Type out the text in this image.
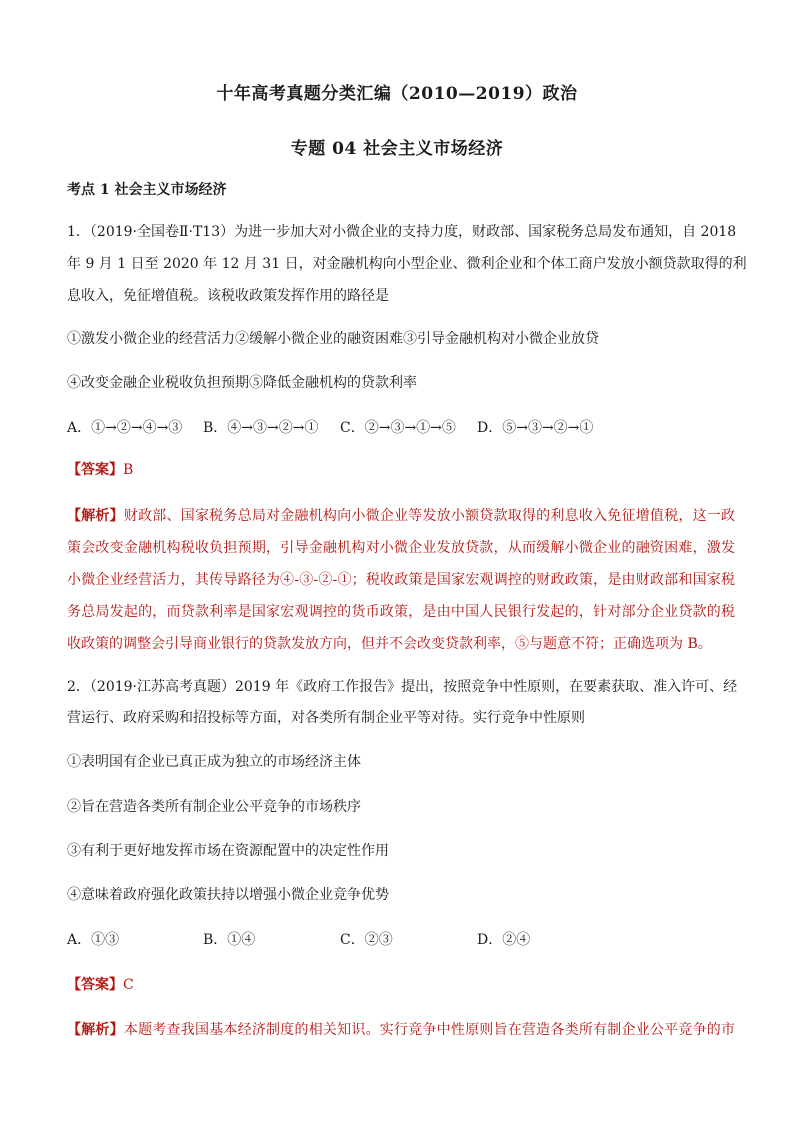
十年高考真题分类汇编（2010—2019）政治
专题 04 社会主义市场经济
考点 1 社会主义市场经济
1．（2019·全国卷Ⅱ·T13）为进一步加大对小微企业的支持力度，财政部、国家税务总局发布通知，自 2018
年 9 月 1 日至 2020 年 12 月 31 日，对金融机构向小型企业、微利企业和个体工商户发放小额贷款取得的利
息收入，免征增值税。该税收政策发挥作用的路径是
①激发小微企业的经营活力②缓解小微企业的融资困难③引导金融机构对小微企业放贷
④改变金融企业税收负担预期⑤降低金融机构的贷款利率
A．①→②→④→③ B．④→③→②→① C．②→③→①→⑤ D．⑤→③→②→①
【答案】B
【解析】财政部、国家税务总局对金融机构向小微企业等发放小额贷款取得的利息收入免征增值税，这一政
策会改变金融机构税收负担预期，引导金融机构对小微企业发放贷款，从而缓解小微企业的融资困难，激发
小微企业经营活力，其传导路径为④-③-②-①；税收政策是国家宏观调控的财政政策，是由财政部和国家税
务总局发起的，而贷款利率是国家宏观调控的货币政策，是由中国人民银行发起的，针对部分企业贷款的税
收政策的调整会引导商业银行的贷款发放方向，但并不会改变贷款利率，⑤与题意不符；正确选项为 B。
2．（2019·江苏高考真题）2019 年《政府工作报告》提出，按照竞争中性原则，在要素获取、准入许可、经
营运行、政府采购和招投标等方面，对各类所有制企业平等对待。实行竞争中性原则
①表明国有企业已真正成为独立的市场经济主体
②旨在营造各类所有制企业公平竞争的市场秩序
③有利于更好地发挥市场在资源配置中的决定性作用
④意味着政府强化政策扶持以增强小微企业竞争优势
A．①③	B．①④	C．②③	D．②④
【答案】C
【解析】本题考查我国基本经济制度的相关知识。实行竞争中性原则旨在营造各类所有制企业公平竞争的市
